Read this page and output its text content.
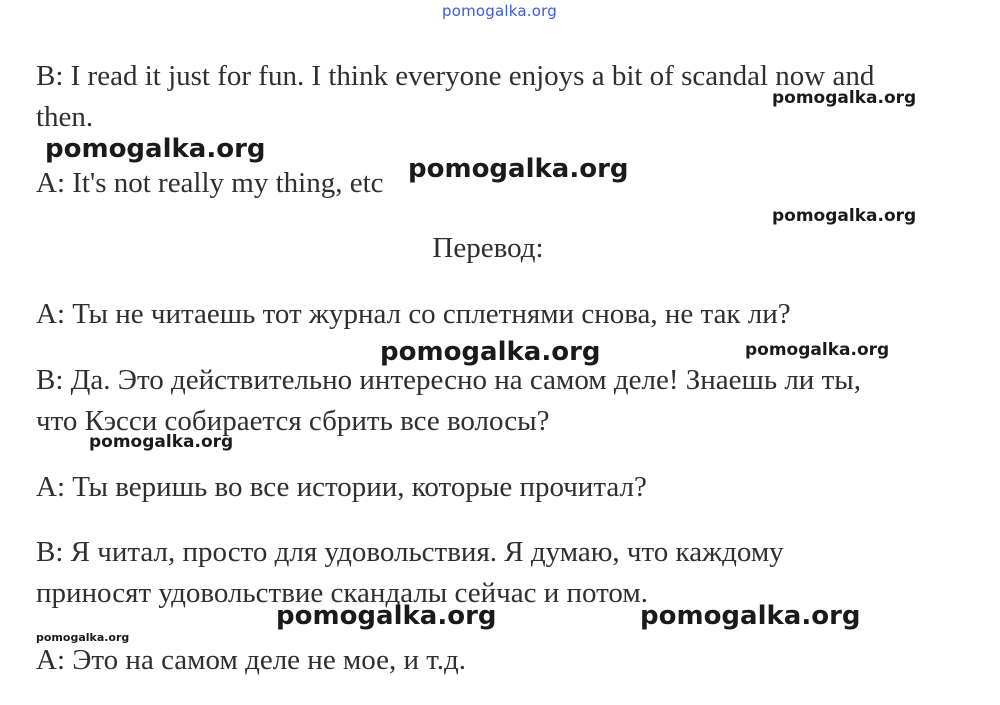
pomogalka.org
B: I read it just for fun. I think everyone enjoys a bit of scandal now and
then.
A: It's not really my thing, etc
Перевод:
A: Ты не читаешь тот журнал со сплетнями снова, не так ли?
B: Да. Это действительно интересно на самом деле! Знаешь ли ты,
что Кэсси собирается сбрить все волосы?
A: Ты веришь во все истории, которые прочитал?
B: Я читал, просто для удовольствия. Я думаю, что каждому
приносят удовольствие скандалы сейчас и потом.
A: Это на самом деле не мое, и т.д.
pomogalka.org
pomogalka.org
pomogalka.org
pomogalka.org
pomogalka.org
pomogalka.org
pomogalka.org
pomogalka.org	pomogalka.org
pomogalka.org
